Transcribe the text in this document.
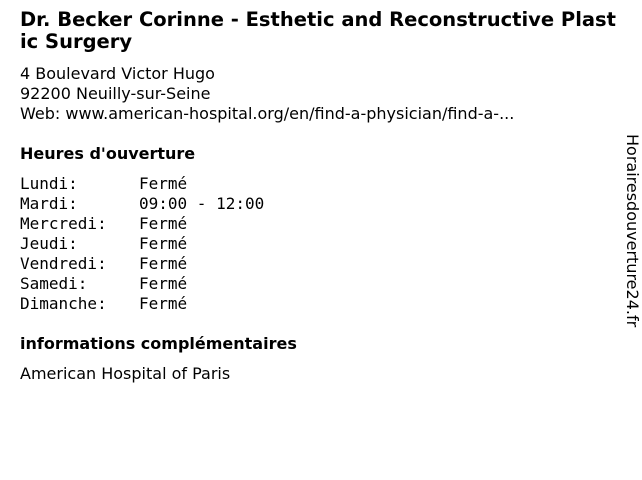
Dr. Becker Corinne - Esthetic and Reconstructive Plastic Surgery
4 Boulevard Victor Hugo
92200 Neuilly-sur-Seine
Web: www.american-hospital.org/en/find-a-physician/find-a-...
Heures d'ouverture
Lundi:	Fermé
Mardi:	09:00 - 12:00
Mercredi:	Fermé
Jeudi:	Fermé
Vendredi:	Fermé
Samedi:	Fermé
Dimanche:	Fermé
informations complémentaires
American Hospital of Paris
Horairesdouverture24.fr
